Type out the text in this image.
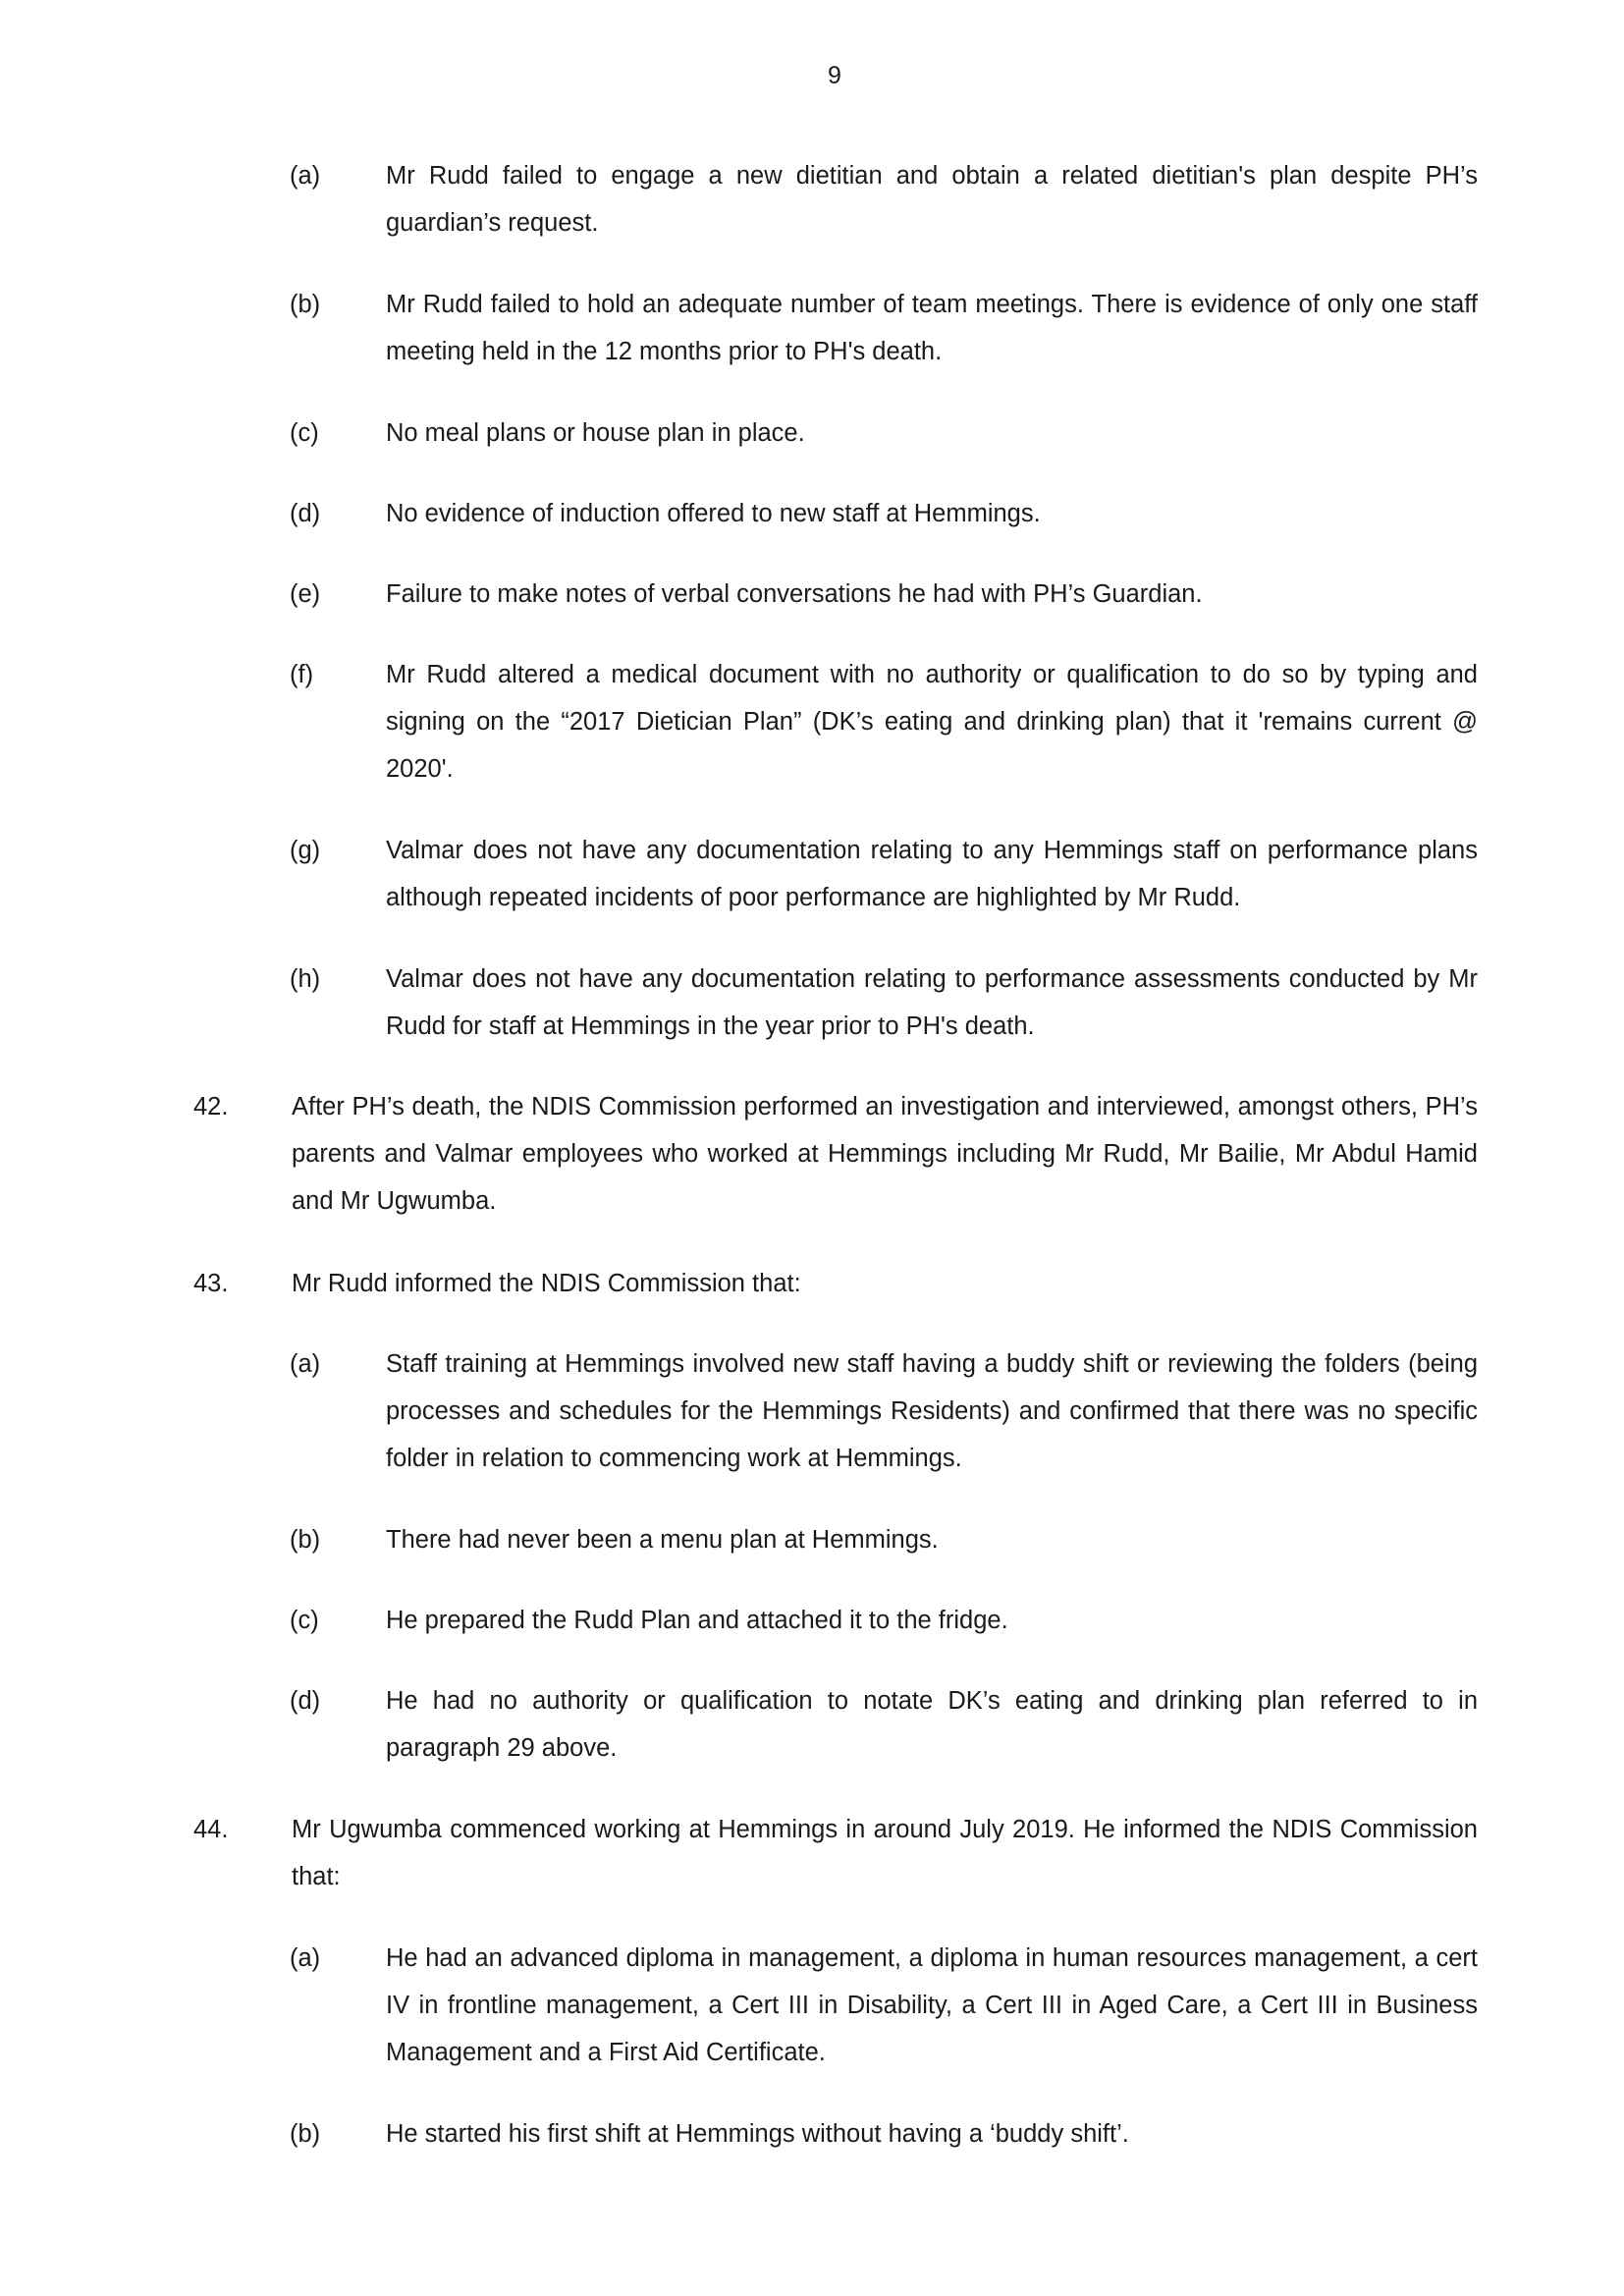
9
(a)	Mr Rudd failed to engage a new dietitian and obtain a related dietitian's plan despite PH’s guardian’s request.
(b)	Mr Rudd failed to hold an adequate number of team meetings. There is evidence of only one staff meeting held in the 12 months prior to PH's death.
(c)	No meal plans or house plan in place.
(d)	No evidence of induction offered to new staff at Hemmings.
(e)	Failure to make notes of verbal conversations he had with PH’s Guardian.
(f)	Mr Rudd altered a medical document with no authority or qualification to do so by typing and signing on the “2017 Dietician Plan” (DK’s eating and drinking plan) that it 'remains current @ 2020'.
(g)	Valmar does not have any documentation relating to any Hemmings staff on performance plans although repeated incidents of poor performance are highlighted by Mr Rudd.
(h)	Valmar does not have any documentation relating to performance assessments conducted by Mr Rudd for staff at Hemmings in the year prior to PH's death.
42.	After PH’s death, the NDIS Commission performed an investigation and interviewed, amongst others, PH’s parents and Valmar employees who worked at Hemmings including Mr Rudd, Mr Bailie, Mr Abdul Hamid and Mr Ugwumba.
43.	Mr Rudd informed the NDIS Commission that:
(a)	Staff training at Hemmings involved new staff having a buddy shift or reviewing the folders (being processes and schedules for the Hemmings Residents) and confirmed that there was no specific folder in relation to commencing work at Hemmings.
(b)	There had never been a menu plan at Hemmings.
(c)	He prepared the Rudd Plan and attached it to the fridge.
(d)	He had no authority or qualification to notate DK’s eating and drinking plan referred to in paragraph 29 above.
44.	Mr Ugwumba commenced working at Hemmings in around July 2019. He informed the NDIS Commission that:
(a)	He had an advanced diploma in management, a diploma in human resources management, a cert IV in frontline management, a Cert III in Disability, a Cert III in Aged Care, a Cert III in Business Management and a First Aid Certificate.
(b)	He started his first shift at Hemmings without having a ‘buddy shift’.
